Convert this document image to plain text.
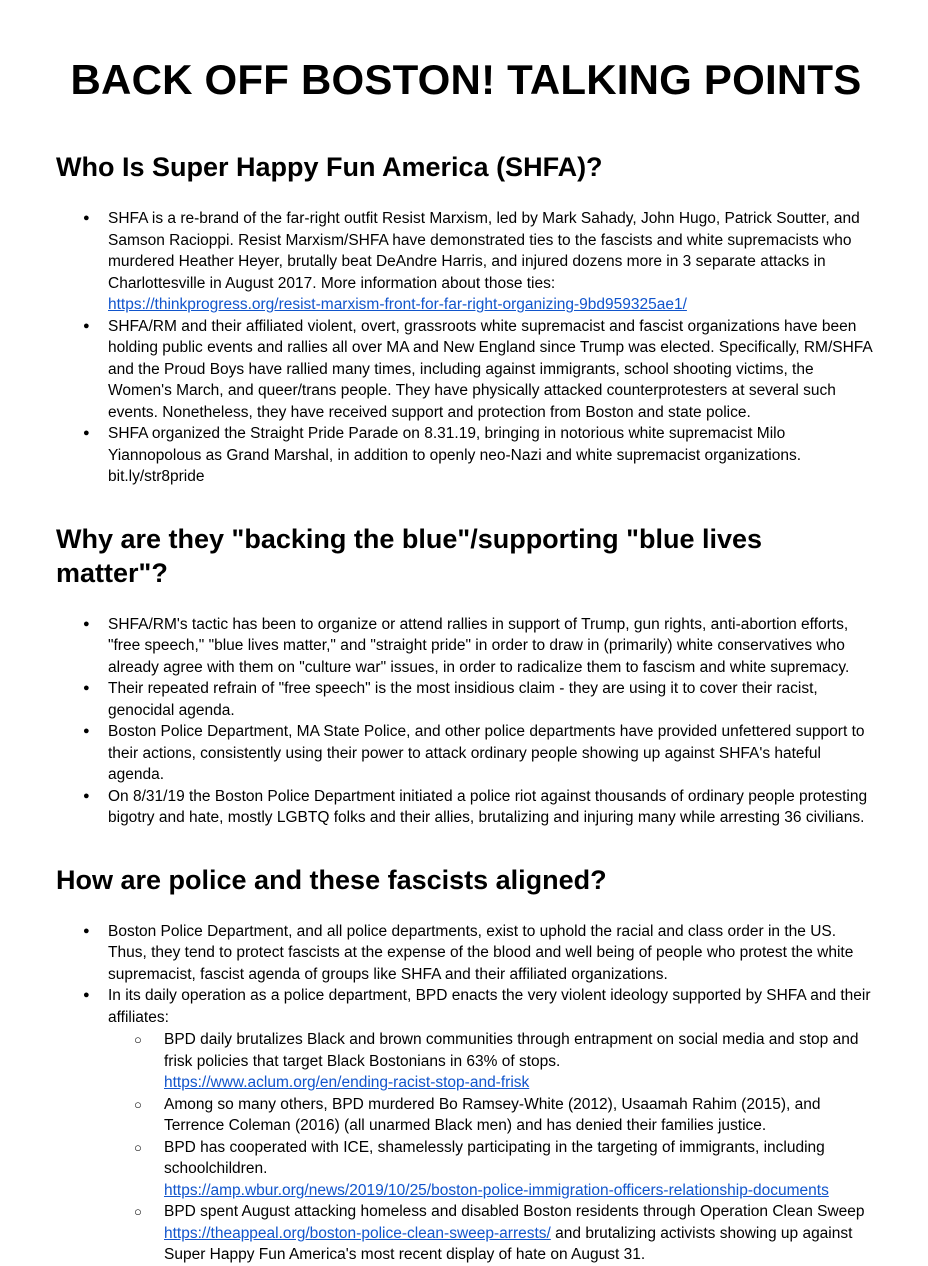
BACK OFF BOSTON! TALKING POINTS
Who Is Super Happy Fun America (SHFA)?
● SHFA is a re-brand of the far-right outfit Resist Marxism, led by Mark Sahady, John Hugo, Patrick Soutter, and Samson Racioppi. Resist Marxism/SHFA have demonstrated ties to the fascists and white supremacists who murdered Heather Heyer, brutally beat DeAndre Harris, and injured dozens more in 3 separate attacks in Charlottesville in August 2017. More information about those ties:
https://thinkprogress.org/resist-marxism-front-for-far-right-organizing-9bd959325ae1/
● SHFA/RM and their affiliated violent, overt, grassroots white supremacist and fascist organizations have been holding public events and rallies all over MA and New England since Trump was elected. Specifically, RM/SHFA and the Proud Boys have rallied many times, including against immigrants, school shooting victims, the Women's March, and queer/trans people. They have physically attacked counterprotesters at several such events. Nonetheless, they have received support and protection from Boston and state police.
● SHFA organized the Straight Pride Parade on 8.31.19, bringing in notorious white supremacist Milo Yiannopolous as Grand Marshal, in addition to openly neo-Nazi and white supremacist organizations. bit.ly/str8pride
Why are they "backing the blue"/supporting "blue lives matter"?
● SHFA/RM's tactic has been to organize or attend rallies in support of Trump, gun rights, anti-abortion efforts, "free speech," "blue lives matter," and "straight pride" in order to draw in (primarily) white conservatives who already agree with them on "culture war" issues, in order to radicalize them to fascism and white supremacy.
● Their repeated refrain of "free speech" is the most insidious claim - they are using it to cover their racist, genocidal agenda.
● Boston Police Department, MA State Police, and other police departments have provided unfettered support to their actions, consistently using their power to attack ordinary people showing up against SHFA's hateful agenda.
● On 8/31/19 the Boston Police Department initiated a police riot against thousands of ordinary people protesting bigotry and hate, mostly LGBTQ folks and their allies, brutalizing and injuring many while arresting 36 civilians.
How are police and these fascists aligned?
● Boston Police Department, and all police departments, exist to uphold the racial and class order in the US. Thus, they tend to protect fascists at the expense of the blood and well being of people who protest the white supremacist, fascist agenda of groups like SHFA and their affiliated organizations.
● In its daily operation as a police department, BPD enacts the very violent ideology supported by SHFA and their affiliates:
○ BPD daily brutalizes Black and brown communities through entrapment on social media and stop and frisk policies that target Black Bostonians in 63% of stops.
https://www.aclum.org/en/ending-racist-stop-and-frisk
○ Among so many others, BPD murdered Bo Ramsey-White (2012), Usaamah Rahim (2015), and Terrence Coleman (2016) (all unarmed Black men) and has denied their families justice.
○ BPD has cooperated with ICE, shamelessly participating in the targeting of immigrants, including schoolchildren.
https://amp.wbur.org/news/2019/10/25/boston-police-immigration-officers-relationship-documents
○ BPD spent August attacking homeless and disabled Boston residents through Operation Clean Sweep
https://theappeal.org/boston-police-clean-sweep-arrests/ and brutalizing activists showing up against Super Happy Fun America's most recent display of hate on August 31.
